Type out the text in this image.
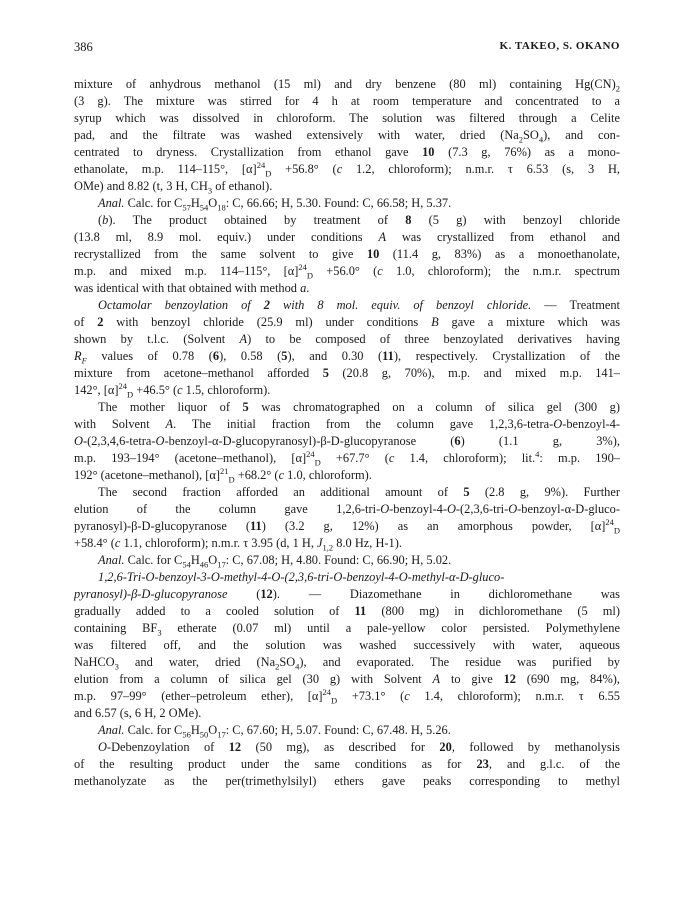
386	K. TAKEO, S. OKANO
mixture of anhydrous methanol (15 ml) and dry benzene (80 ml) containing $Hg(CN)_2$
(3 g). The mixture was stirred for 4 h at room temperature and concentrated to a
syrup which was dissolved in chloroform. The solution was filtered through a Celite
pad, and the filtrate was washed extensively with water, dried $(Na_2SO_4)$, and con-
centrated to dryness. Crystallization from ethanol gave 10 (7.3 g, 76%) as a mono-
ethanolate, m.p. 114–115°, $[\alpha]^{24}_D +56.8^\circ$ (c 1.2, chloroform); n.m.r. τ 6.53 (s, 3 H,
OMe) and 8.82 (t, 3 H, $CH_3$ of ethanol).
Anal. Calc. for $C_{57}H_{54}O_{18}$: C, 66.66; H, 5.30. Found: C, 66.58; H, 5.37.
(b). The product obtained by treatment of 8 (5 g) with benzoyl chloride
(13.8 ml, 8.9 mol. equiv.) under conditions A was crystallized from ethanol and
recrystallized from the same solvent to give 10 (11.4 g, 83%) as a monoethanolate,
m.p. and mixed m.p. 114–115°, $[\alpha]^{24}_D +56.0^\circ$ (c 1.0, chloroform); the n.m.r. spectrum
was identical with that obtained with method a.
Octamolar benzoylation of 2 with 8 mol. equiv. of benzoyl chloride. — Treatment
of 2 with benzoyl chloride (25.9 ml) under conditions B gave a mixture which was
shown by t.l.c. (Solvent A) to be composed of three benzoylated derivatives having
$R_F$ values of 0.78 (6), 0.58 (5), and 0.30 (11), respectively. Crystallization of the
mixture from acetone–methanol afforded 5 (20.8 g, 70%), m.p. and mixed m.p. 141–
142°, $[\alpha]^{24}_D +46.5^\circ$ (c 1.5, chloroform).
The mother liquor of 5 was chromatographed on a column of silica gel (300 g)
with Solvent A. The initial fraction from the column gave 1,2,3,6-tetra-O-benzoyl-4-
O-(2,3,4,6-tetra-O-benzoyl-α-D-glucopyranosyl)-β-D-glucopyranose (6) (1.1 g, 3%),
m.p. 193–194° (acetone–methanol), $[\alpha]^{24}_D +67.7^\circ$ (c 1.4, chloroform); lit.$^4$: m.p. 190–
192° (acetone–methanol), $[\alpha]^{21}_D +68.2^\circ$ (c 1.0, chloroform).
The second fraction afforded an additional amount of 5 (2.8 g, 9%). Further
elution of the column gave 1,2,6-tri-O-benzoyl-4-O-(2,3,6-tri-O-benzoyl-α-D-gluco-
pyranosyl)-β-D-glucopyranose (11) (3.2 g, 12%) as an amorphous powder, $[\alpha]^{24}_D$
+58.4° (c 1.1, chloroform); n.m.r. τ 3.95 (d, 1 H, $J_{1,2}$ 8.0 Hz, H-1).
Anal. Calc. for $C_{54}H_{46}O_{17}$: C, 67.08; H, 4.80. Found: C, 66.90; H, 5.02.
1,2,6-Tri-O-benzoyl-3-O-methyl-4-O-(2,3,6-tri-O-benzoyl-4-O-methyl-α-D-gluco-
pyranosyl)-β-D-glucopyranose (12). — Diazomethane in dichloromethane was
gradually added to a cooled solution of 11 (800 mg) in dichloromethane (5 ml)
containing $BF_3$ etherate (0.07 ml) until a pale-yellow color persisted. Polymethylene
was filtered off, and the solution was washed successively with water, aqueous
NaHCO$_3$ and water, dried $(Na_2SO_4)$, and evaporated. The residue was purified by
elution from a column of silica gel (30 g) with Solvent A to give 12 (690 mg, 84%),
m.p. 97–99° (ether–petroleum ether), $[\alpha]^{24}_D +73.1^\circ$ (c 1.4, chloroform); n.m.r. τ 6.55
and 6.57 (s, 6 H, 2 OMe).
Anal. Calc. for $C_{56}H_{50}O_{17}$: C, 67.60; H, 5.07. Found: C, 67.48. H, 5.26.
O-Debenzoylation of 12 (50 mg), as described for 20, followed by methanolysis
of the resulting product under the same conditions as for 23, and g.l.c. of the
methanolyzate as the per(trimethylsilyl) ethers gave peaks corresponding to methyl
